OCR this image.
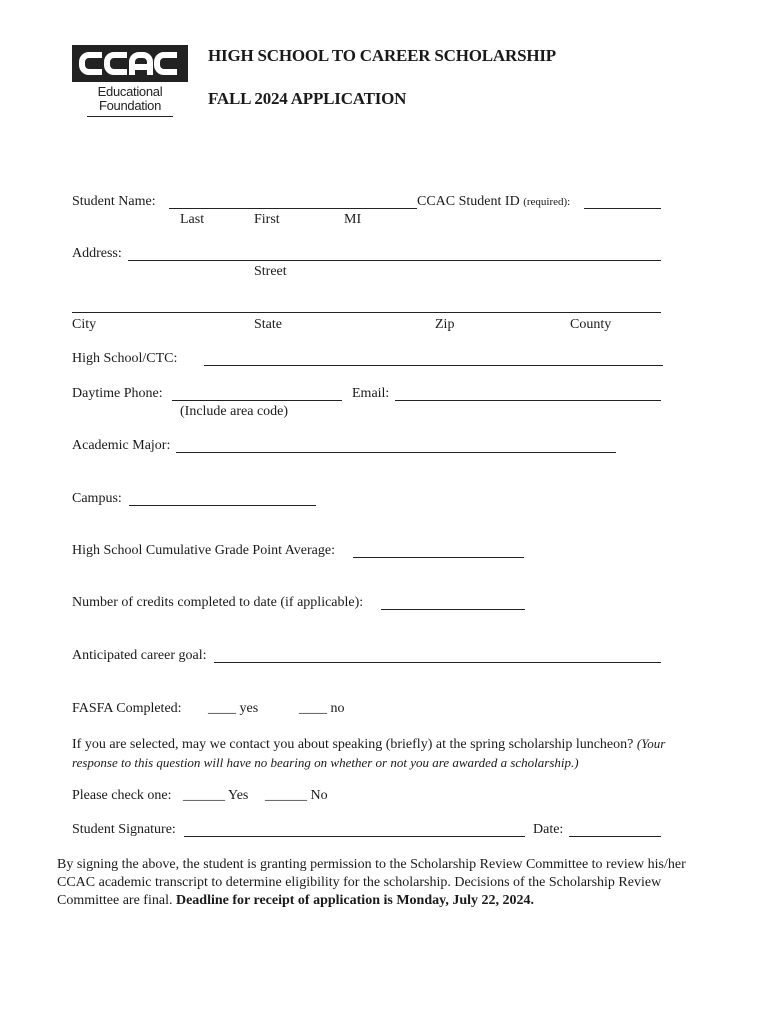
Educational
Foundation
HIGH SCHOOL TO CAREER SCHOLARSHIP
FALL 2024 APPLICATION
Student Name:	CCAC Student ID (required):
Last	First	MI
Address:
Street
City	State	Zip	County
High School/CTC:
Daytime Phone:	Email:
(Include area code)
Academic Major:
Campus:
High School Cumulative Grade Point Average:
Number of credits completed to date (if applicable):
Anticipated career goal:
FASFA Completed: ____ yes	____ no
If you are selected, may we contact you about speaking (briefly) at the spring scholarship luncheon? (Your response to this question will have no bearing on whether or not you are awarded a scholarship.)
Please check one: ______ Yes ______ No
Student Signature:	Date:
By signing the above, the student is granting permission to the Scholarship Review Committee to review his/her CCAC academic transcript to determine eligibility for the scholarship. Decisions of the Scholarship Review Committee are final. Deadline for receipt of application is Monday, July 22, 2024.
